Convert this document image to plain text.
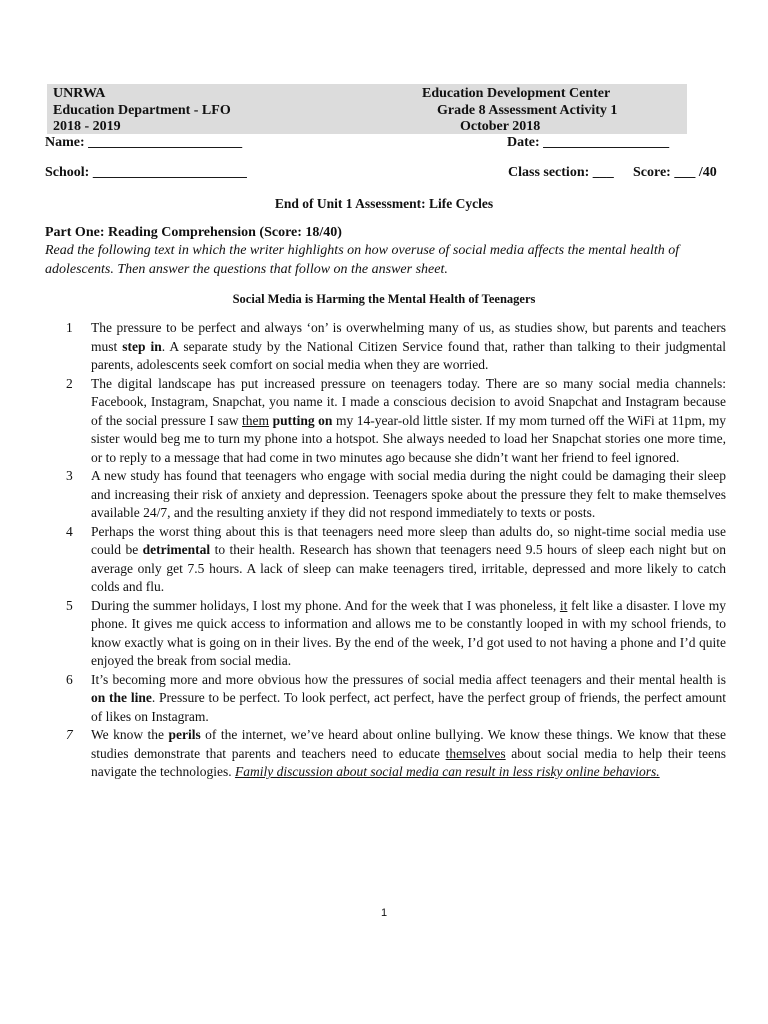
UNRWA
Education Department - LFO
2018 - 2019
Education Development Center
Grade 8 Assessment Activity 1
October 2018
Name: ______________________	Date: __________________
School: ______________________	Class section: ___ Score: ___ /40
End of Unit 1 Assessment: Life Cycles
Part One: Reading Comprehension (Score: 18/40)
Read the following text in which the writer highlights on how overuse of social media affects the mental health of adolescents. Then answer the questions that follow on the answer sheet.
Social Media is Harming the Mental Health of Teenagers
1 The pressure to be perfect and always ‘on’ is overwhelming many of us, as studies show, but parents and teachers must step in. A separate study by the National Citizen Service found that, rather than talking to their judgmental parents, adolescents seek comfort on social media when they are worried.
2 The digital landscape has put increased pressure on teenagers today. There are so many social media channels: Facebook, Instagram, Snapchat, you name it. I made a conscious decision to avoid Snapchat and Instagram because of the social pressure I saw them putting on my 14-year-old little sister. If my mom turned off the WiFi at 11pm, my sister would beg me to turn my phone into a hotspot. She always needed to load her Snapchat stories one more time, or to reply to a message that had come in two minutes ago because she didn’t want her friend to feel ignored.
3 A new study has found that teenagers who engage with social media during the night could be damaging their sleep and increasing their risk of anxiety and depression. Teenagers spoke about the pressure they felt to make themselves available 24/7, and the resulting anxiety if they did not respond immediately to texts or posts.
4 Perhaps the worst thing about this is that teenagers need more sleep than adults do, so night-time social media use could be detrimental to their health. Research has shown that teenagers need 9.5 hours of sleep each night but on average only get 7.5 hours. A lack of sleep can make teenagers tired, irritable, depressed and more likely to catch colds and flu.
5 During the summer holidays, I lost my phone. And for the week that I was phoneless, it felt like a disaster. I love my phone. It gives me quick access to information and allows me to be constantly looped in with my school friends, to know exactly what is going on in their lives. By the end of the week, I’d got used to not having a phone and I’d quite enjoyed the break from social media.
6 It’s becoming more and more obvious how the pressures of social media affect teenagers and their mental health is on the line. Pressure to be perfect. To look perfect, act perfect, have the perfect group of friends, the perfect amount of likes on Instagram.
7 We know the perils of the internet, we’ve heard about online bullying. We know these things. We know that these studies demonstrate that parents and teachers need to educate themselves about social media to help their teens navigate the technologies. Family discussion about social media can result in less risky online behaviors.
1
